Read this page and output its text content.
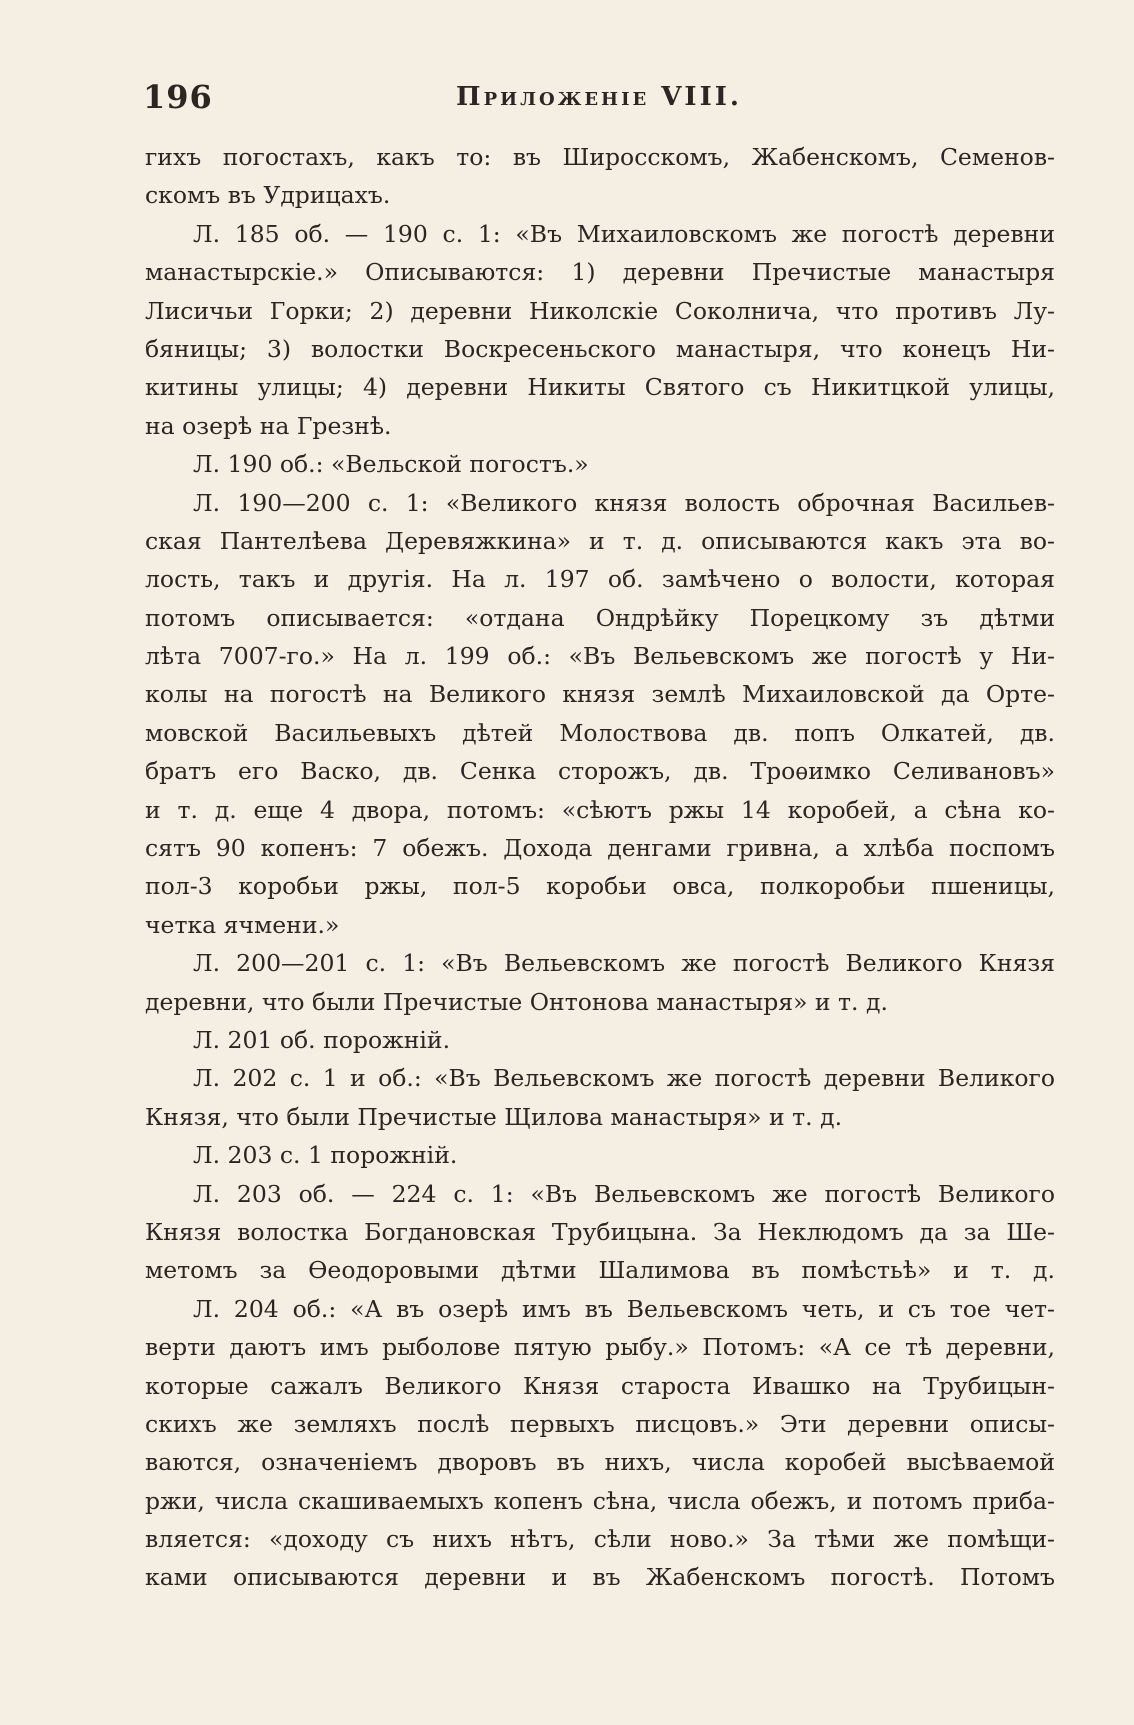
196	Приложеніе VIII.
гихъ погостахъ, какъ то: въ Широсскомъ, Жабенскомъ, Семенов-
скомъ въ Удрицахъ.
Л. 185 об. — 190 с. 1: «Въ Михаиловскомъ же погостѣ деревни
манастырскіе.» Описываются: 1) деревни Пречистые манастыря
Лисичьи Горки; 2) деревни Николскіе Соколнича, что противъ Лу-
бяницы; 3) волостки Воскресеньского манастыря, что конецъ Ни-
китины улицы; 4) деревни Никиты Святого съ Никитцкой улицы,
на озерѣ на Грезнѣ.
Л. 190 об.: «Вельской погостъ.»
Л. 190—200 с. 1: «Великого князя волость оброчная Васильев-
ская Пантелѣева Деревяжкина» и т. д. описываются какъ эта во-
лость, такъ и другія. На л. 197 об. замѣчено о волости, которая
потомъ описывается: «отдана Ондрѣйку Порецкому зъ дѣтми
лѣта 7007-го.» На л. 199 об.: «Въ Вельевскомъ же погостѣ у Ни-
колы на погостѣ на Великого князя землѣ Михаиловской да Орте-
мовской Васильевыхъ дѣтей Молоствова дв. попъ Олкатей, дв.
братъ его Васко, дв. Сенка сторожъ, дв. Троѳимко Селивановъ»
и т. д. еще 4 двора, потомъ: «сѣютъ ржы 14 коробей, а сѣна ко-
сятъ 90 копенъ: 7 обежъ. Дохода денгами гривна, а хлѣба поспомъ
пол-3 коробьи ржы, пол-5 коробьи овса, полкоробьи пшеницы,
четка ячмени.»
Л. 200—201 с. 1: «Въ Вельевскомъ же погостѣ Великого Князя
деревни, что были Пречистые Онтонова манастыря» и т. д.
Л. 201 об. порожній.
Л. 202 с. 1 и об.: «Въ Вельевскомъ же погостѣ деревни Великого
Князя, что были Пречистые Щилова манастыря» и т. д.
Л. 203 с. 1 порожній.
Л. 203 об. — 224 с. 1: «Въ Вельевскомъ же погостѣ Великого
Князя волостка Богдановская Трубицына. За Неклюдомъ да за Ше-
метомъ за Ѳеодоровыми дѣтми Шалимова въ помѣстьѣ» и т. д.
Л. 204 об.: «А въ озерѣ имъ въ Вельевскомъ четь, и съ тое чет-
верти даютъ имъ рыболове пятую рыбу.» Потомъ: «А се тѣ деревни,
которые сажалъ Великого Князя староста Ивашко на Трубицын-
скихъ же земляхъ послѣ первыхъ писцовъ.» Эти деревни описы-
ваются, означеніемъ дворовъ въ нихъ, числа коробей высѣваемой
ржи, числа скашиваемыхъ копенъ сѣна, числа обежъ, и потомъ приба-
вляется: «доходу съ нихъ нѣтъ, сѣли ново.» За тѣми же помѣщи-
ками описываются деревни и въ Жабенскомъ погостѣ. Потомъ
